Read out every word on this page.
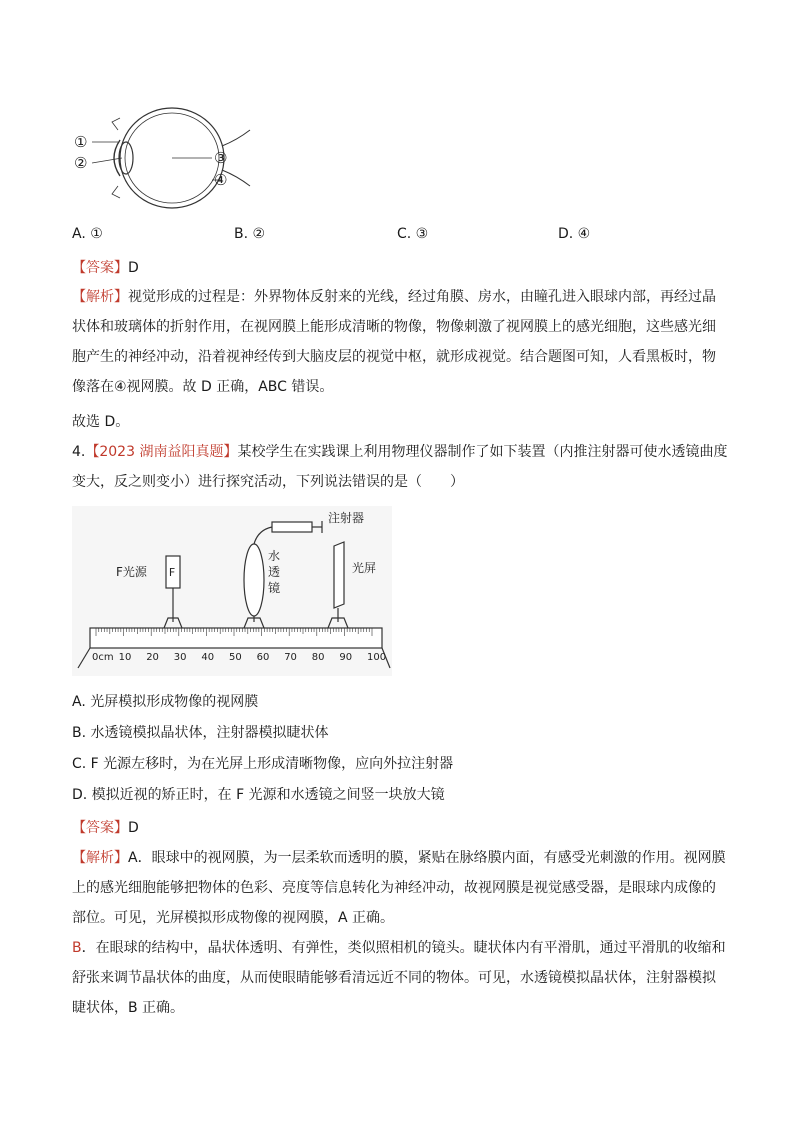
①
②	③
④
A. ①	B. ②	C. ③	D. ④
【答案】D
【解析】视觉形成的过程是：外界物体反射来的光线，经过角膜、房水，由瞳孔进入眼球内部，再经过晶
状体和玻璃体的折射作用，在视网膜上能形成清晰的物像，物像刺激了视网膜上的感光细胞，这些感光细
胞产生的神经冲动，沿着视神经传到大脑皮层的视觉中枢，就形成视觉。结合题图可知，人看黑板时，物
像落在④视网膜。故 D 正确，ABC 错误。
故选 D。
4.【2023 湖南益阳真题】某校学生在实践课上利用物理仪器制作了如下装置（内推注射器可使水透镜曲度
变大，反之则变小）进行探究活动，下列说法错误的是（　　）
F
F光源
水
透
镜
注射器
光屏
0cm 10 20 30 40 50 60 70 80 90 100
A. 光屏模拟形成物像的视网膜
B. 水透镜模拟晶状体，注射器模拟睫状体
C. F 光源左移时，为在光屏上形成清晰物像，应向外拉注射器
D. 模拟近视的矫正时，在 F 光源和水透镜之间竖一块放大镜
【答案】D
【解析】A．眼球中的视网膜，为一层柔软而透明的膜，紧贴在脉络膜内面，有感受光刺激的作用。视网膜
上的感光细胞能够把物体的色彩、亮度等信息转化为神经冲动，故视网膜是视觉感受器，是眼球内成像的
部位。可见，光屏模拟形成物像的视网膜，A 正确。
B．在眼球的结构中，晶状体透明、有弹性，类似照相机的镜头。睫状体内有平滑肌，通过平滑肌的收缩和
舒张来调节晶状体的曲度，从而使眼睛能够看清远近不同的物体。可见，水透镜模拟晶状体，注射器模拟
睫状体，B 正确。
